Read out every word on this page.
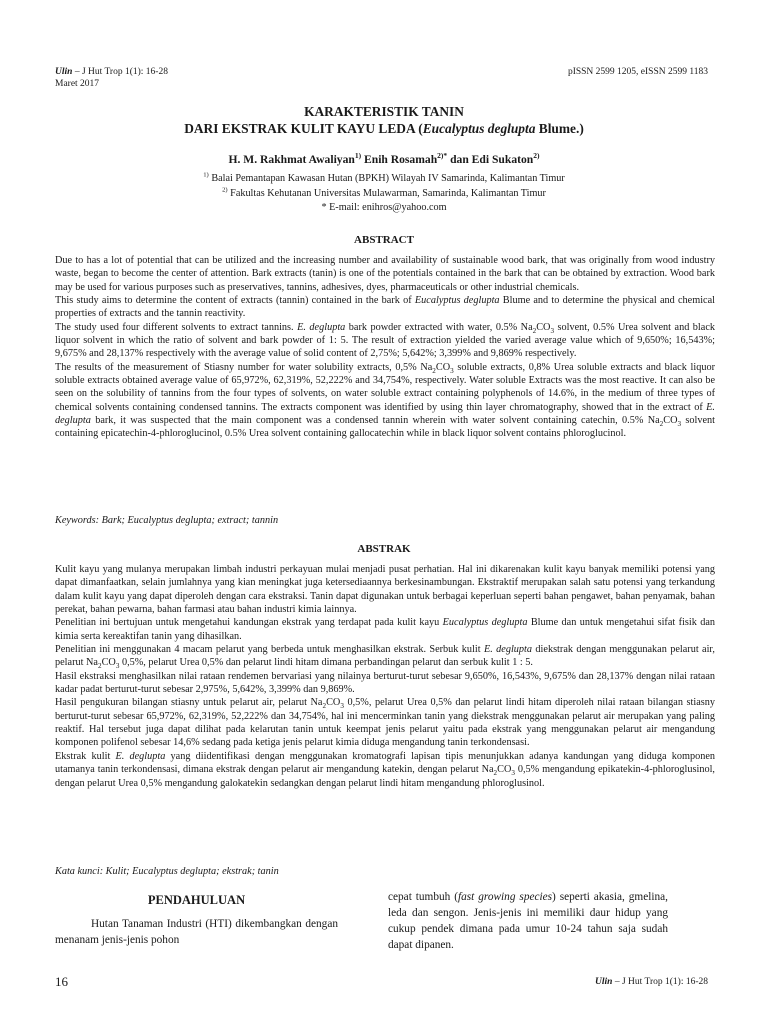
Ulin – J Hut Trop 1(1): 16-28
Maret 2017
pISSN 2599 1205, eISSN 2599 1183
KARAKTERISTIK TANIN
DARI EKSTRAK KULIT KAYU LEDA (Eucalyptus deglupta Blume.)
H. M. Rakhmat Awaliyan$^{1)}$ Enih Rosamah$^{2)*}$ dan Edi Sukaton$^{2)}$
$^{1)}$ Balai Pemantapan Kawasan Hutan (BPKH) Wilayah IV Samarinda, Kalimantan Timur
$^{2)}$ Fakultas Kehutanan Universitas Mulawarman, Samarinda, Kalimantan Timur
* E-mail: enihros@yahoo.com
ABSTRACT

Due to has a lot of potential that can be utilized and the increasing number and availability of sustainable wood bark, that was originally from wood industry waste, began to become the center of attention. Bark extracts (tanin) is one of the potentials contained in the bark that can be obtained by extraction. Wood bark may be used for various purposes such as preservatives, tannins, adhesives, dyes, pharmaceuticals or other industrial chemicals.

This study aims to determine the content of extracts (tannin) contained in the bark of Eucalyptus deglupta Blume and to determine the physical and chemical properties of extracts and the tannin reactivity.

The study used four different solvents to extract tannins. E. deglupta bark powder extracted with water, 0.5% $Na_2CO_3$ solvent, 0.5% Urea solvent and black liquor solvent in which the ratio of solvent and bark powder of 1: 5. The result of extraction yielded the varied average value which of 9,650%; 16,543%; 9,675% and 28,137% respectively with the average value of solid content of 2,75%; 5,642%; 3,399% and 9,869% respectively.

The results of the measurement of Stiasny number for water solubility extracts, 0,5% $Na_2CO_3$ soluble extracts, 0,8% Urea soluble extracts and black liquor soluble extracts obtained average value of 65,972%, 62,319%, 52,222% and 34,754%, respectively. Water soluble Extracts was the most reactive. It can also be seen on the solubility of tannins from the four types of solvents, on water soluble extract containing polyphenols of 14.6%, in the medium of three types of chemical solvents containing condensed tannins. The extracts component was identified by using thin layer chromatography, showed that in the extract of E. deglupta bark, it was suspected that the main component was a condensed tannin wherein with water solvent containing catechin, 0.5% $Na_2CO_3$ solvent containing epicatechin-4-phloroglucinol, 0.5% Urea solvent containing gallocatechin while in black liquor solvent contains phloroglucinol.

Keywords: Bark; Eucalyptus deglupta; extract; tannin
ABSTRAK

Kulit kayu yang mulanya merupakan limbah industri perkayuan mulai menjadi pusat perhatian. Hal ini dikarenakan kulit kayu banyak memiliki potensi yang dapat dimanfaatkan, selain jumlahnya yang kian meningkat juga ketersediaannya berkesinambungan. Ekstraktif merupakan salah satu potensi yang terkandung dalam kulit kayu yang dapat diperoleh dengan cara ekstraksi. Tanin dapat digunakan untuk berbagai keperluan seperti bahan pengawet, bahan penyamak, bahan perekat, bahan pewarna, bahan farmasi atau bahan industri kimia lainnya.

Penelitian ini bertujuan untuk mengetahui kandungan ekstrak yang terdapat pada kulit kayu Eucalyptus deglupta Blume dan untuk mengetahui sifat fisik dan kimia serta kereaktifan tanin yang dihasilkan.

Penelitian ini menggunakan 4 macam pelarut yang berbeda untuk menghasilkan ekstrak. Serbuk kulit E. deglupta diekstrak dengan menggunakan pelarut air, pelarut $Na_2CO_3$ 0,5%, pelarut Urea 0,5% dan pelarut lindi hitam dimana perbandingan pelarut dan serbuk kulit 1 : 5.

Hasil ekstraksi menghasilkan nilai rataan rendemen bervariasi yang nilainya berturut-turut sebesar 9,650%, 16,543%, 9,675% dan 28,137% dengan nilai rataan kadar padat berturut-turut sebesar 2,975%, 5,642%, 3,399% dan 9,869%.

Hasil pengukuran bilangan stiasny untuk pelarut air, pelarut $Na_2CO_3$ 0,5%, pelarut Urea 0,5% dan pelarut lindi hitam diperoleh nilai rataan bilangan stiasny berturut-turut sebesar 65,972%, 62,319%, 52,222% dan 34,754%, hal ini mencerminkan tanin yang diekstrak menggunakan pelarut air merupakan yang paling reaktif. Hal tersebut juga dapat dilihat pada kelarutan tanin untuk keempat jenis pelarut yaitu pada ekstrak yang menggunakan pelarut air mengandung komponen polifenol sebesar 14,6% sedang pada ketiga jenis pelarut kimia diduga mengandung tanin terkondensasi.

Ekstrak kulit E. deglupta yang diidentifikasi dengan menggunakan kromatografi lapisan tipis menunjukkan adanya kandungan yang diduga komponen utamanya tanin terkondensasi, dimana ekstrak dengan pelarut air mengandung katekin, dengan pelarut $Na_2CO_3$ 0,5% mengandung epikatekin-4-phloroglusinol, dengan pelarut Urea 0,5% mengandung galokatekin sedangkan dengan pelarut lindi hitam mengandung phloroglusinol.

Kata kunci: Kulit; Eucalyptus deglupta; ekstrak; tanin
PENDAHULUAN

Hutan Tanaman Industri (HTI) dikembangkan dengan menanam jenis-jenis pohon

cepat tumbuh (fast growing species) seperti akasia, gmelina, leda dan sengon. Jenis-jenis ini memiliki daur hidup yang cukup pendek dimana pada umur 10-24 tahun saja sudah dapat dipanen.

16	Ulin – J Hut Trop 1(1): 16-28
